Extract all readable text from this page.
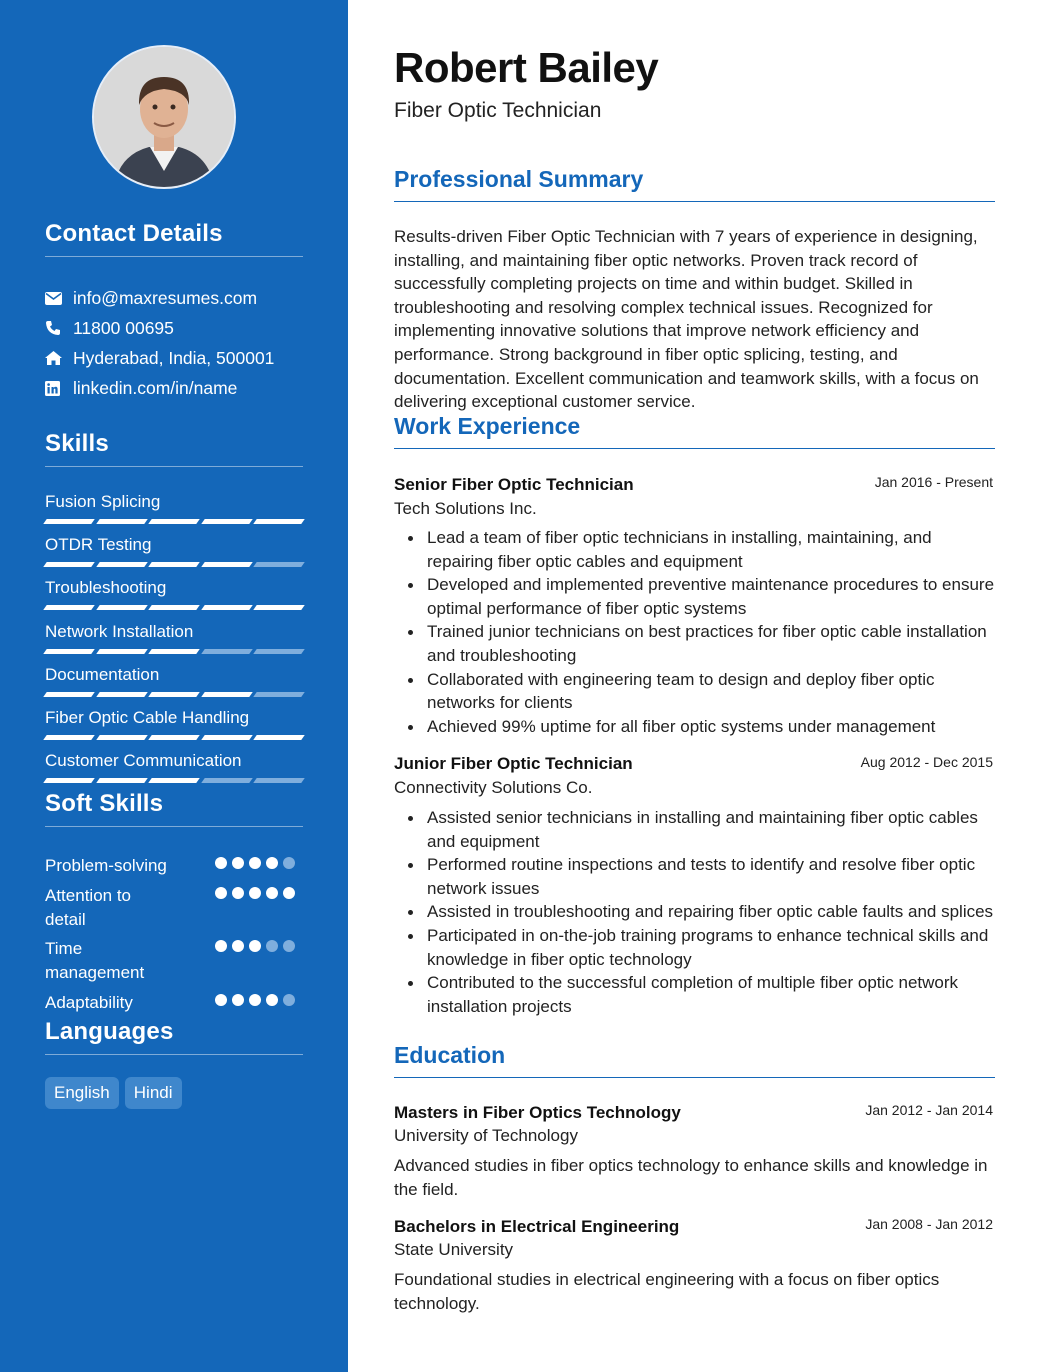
Contact Details
info@maxresumes.com
11800 00695
Hyderabad, India, 500001
linkedin.com/in/name
Skills
Fusion Splicing
OTDR Testing
Troubleshooting
Network Installation
Documentation
Fiber Optic Cable Handling
Customer Communication
Soft Skills
Problem-solving
Attention to detail
Time management
Adaptability
Languages
English Hindi
Robert Bailey
Fiber Optic Technician
Professional Summary
Results-driven Fiber Optic Technician with 7 years of experience in designing, installing, and maintaining fiber optic networks. Proven track record of successfully completing projects on time and within budget. Skilled in troubleshooting and resolving complex technical issues. Recognized for implementing innovative solutions that improve network efficiency and performance. Strong background in fiber optic splicing, testing, and documentation. Excellent communication and teamwork skills, with a focus on delivering exceptional customer service.
Work Experience
Senior Fiber Optic Technician	Jan 2016 - Present
Tech Solutions Inc.
Lead a team of fiber optic technicians in installing, maintaining, and repairing fiber optic cables and equipment
Developed and implemented preventive maintenance procedures to ensure optimal performance of fiber optic systems
Trained junior technicians on best practices for fiber optic cable installation and troubleshooting
Collaborated with engineering team to design and deploy fiber optic networks for clients
Achieved 99% uptime for all fiber optic systems under management
Junior Fiber Optic Technician	Aug 2012 - Dec 2015
Connectivity Solutions Co.
Assisted senior technicians in installing and maintaining fiber optic cables and equipment
Performed routine inspections and tests to identify and resolve fiber optic network issues
Assisted in troubleshooting and repairing fiber optic cable faults and splices
Participated in on-the-job training programs to enhance technical skills and knowledge in fiber optic technology
Contributed to the successful completion of multiple fiber optic network installation projects
Education
Masters in Fiber Optics Technology	Jan 2012 - Jan 2014
University of Technology
Advanced studies in fiber optics technology to enhance skills and knowledge in the field.
Bachelors in Electrical Engineering	Jan 2008 - Jan 2012
State University
Foundational studies in electrical engineering with a focus on fiber optics technology.
